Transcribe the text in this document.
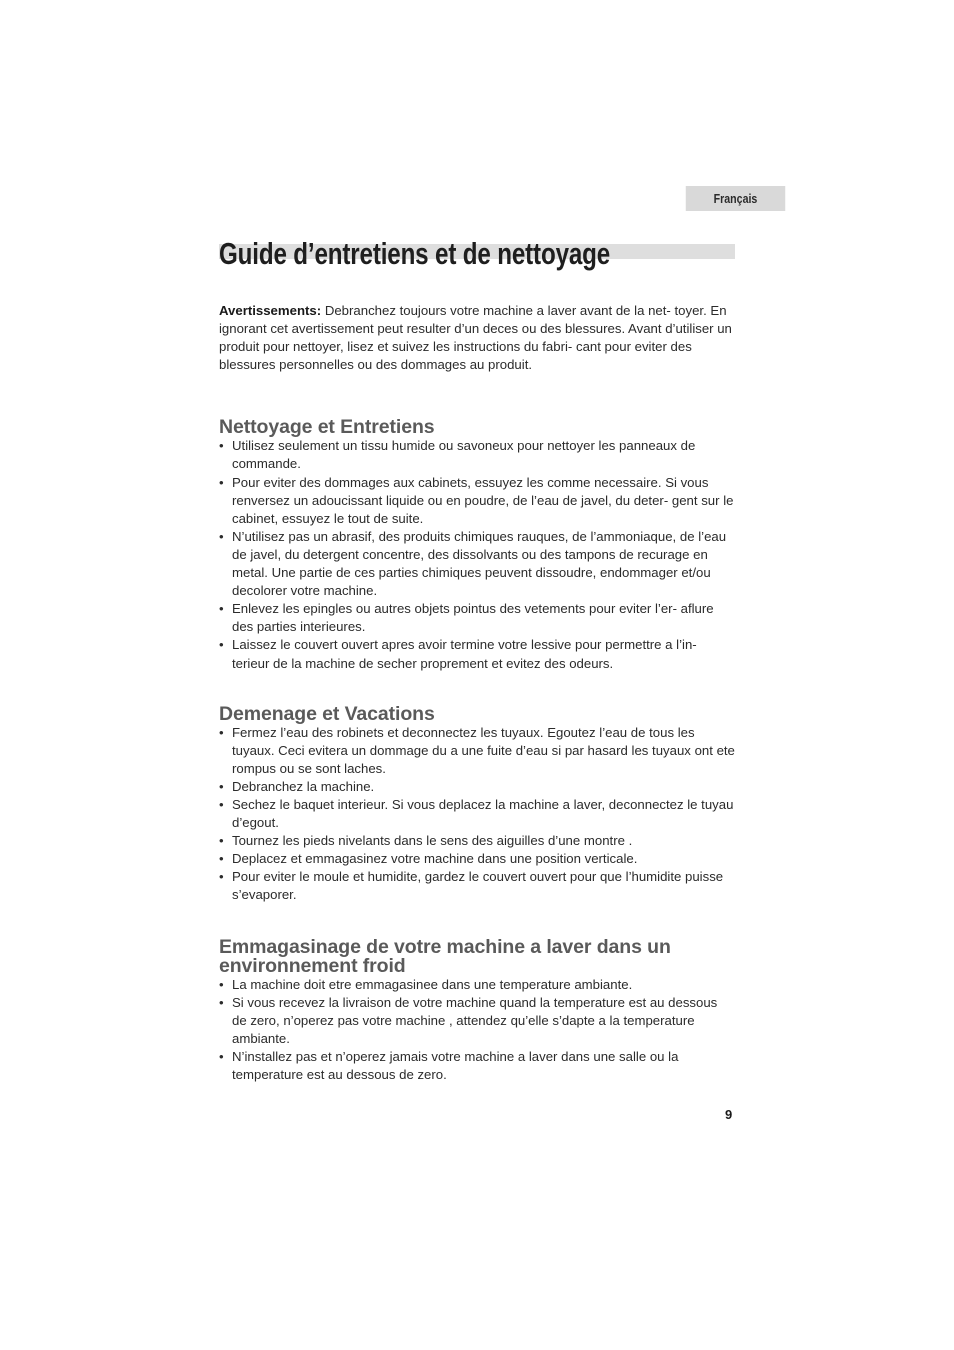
Français
Guide d’entretiens et de nettoyage

Avertissements: Debranchez toujours votre machine a laver avant de la net- toyer. En ignorant cet avertissement peut resulter d’un deces ou des blessures. Avant d’utiliser un produit pour nettoyer, lisez et suivez les instructions du fabri- cant pour eviter des blessures personnelles ou des dommages au produit.

Nettoyage et Entretiens
• Utilisez seulement un tissu humide ou savoneux pour nettoyer les panneaux de commande.
• Pour eviter des dommages aux cabinets, essuyez les comme necessaire. Si vous renversez un adoucissant liquide ou en poudre, de l’eau de javel, du deter- gent sur le cabinet, essuyez le tout de suite.
• N’utilisez pas un abrasif, des produits chimiques rauques, de l’ammoniaque, de l’eau de javel, du detergent concentre, des dissolvants ou des tampons de recurage en metal. Une partie de ces parties chimiques peuvent dissoudre, endommager et/ou decolorer votre machine.
• Enlevez les epingles ou autres objets pointus des vetements pour eviter l’er- aflure des parties interieures.
• Laissez le couvert ouvert apres avoir termine votre lessive pour permettre a l’in- terieur de la machine de secher proprement et evitez des odeurs.
Demenage et Vacations
• Fermez l’eau des robinets et deconnectez les tuyaux. Egoutez l’eau de tous les tuyaux. Ceci evitera un dommage du a une fuite d’eau si par hasard les tuyaux ont ete rompus ou se sont laches.
• Debranchez la machine.
• Sechez le baquet interieur. Si vous deplacez la machine a laver, deconnectez le tuyau d’egout.
• Tournez les pieds nivelants dans le sens des aiguilles d’une montre .
• Deplacez et emmagasinez votre machine dans une position verticale.
• Pour eviter le moule et humidite, gardez le couvert ouvert pour que l’humidite puisse s’evaporer.
Emmagasinage de votre machine a laver dans un environnement froid
• La machine doit etre emmagasinee dans une temperature ambiante.
• Si vous recevez la livraison de votre machine quand la temperature est au dessous de zero, n’operez pas votre machine , attendez qu’elle s’dapte a la temperature ambiante.
• N’installez pas et n’operez jamais votre machine a laver dans une salle ou la temperature est au dessous de zero.
9
